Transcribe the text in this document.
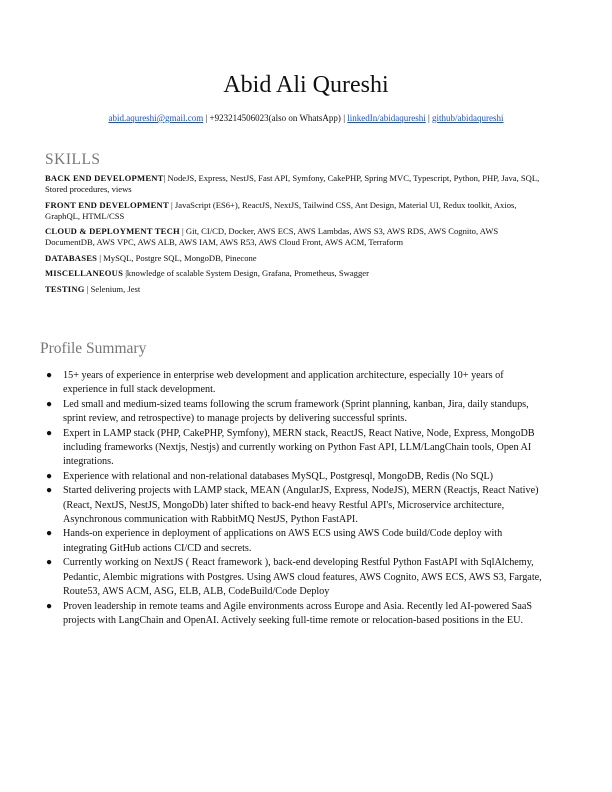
Abid Ali Qureshi
abid.aqureshi@gmail.com | +923214506023(also on WhatsApp) | linkedIn/abidaqureshi | github/abidaqureshi
SKILLS
BACK END DEVELOPMENT| NodeJS, Express, NestJS, Fast API, Symfony, CakePHP, Spring MVC, Typescript, Python, PHP, Java, SQL, Stored procedures, views
FRONT END DEVELOPMENT | JavaScript (ES6+), ReactJS, NextJS, Tailwind CSS, Ant Design, Material UI, Redux toolkit, Axios, GraphQL, HTML/CSS
CLOUD & DEPLOYMENT TECH | Git, CI/CD, Docker, AWS ECS, AWS Lambdas, AWS S3, AWS RDS, AWS Cognito, AWS DocumentDB, AWS VPC, AWS ALB, AWS IAM, AWS R53, AWS Cloud Front, AWS ACM, Terraform
DATABASES | MySQL, Postgre SQL, MongoDB, Pinecone
MISCELLANEOUS |knowledge of scalable System Design, Grafana, Prometheus, Swagger
TESTING | Selenium, Jest
Profile Summary
● 15+ years of experience in enterprise web development and application architecture, especially 10+ years of experience in full stack development.
● Led small and medium-sized teams following the scrum framework (Sprint planning, kanban, Jira, daily standups, sprint review, and retrospective) to manage projects by delivering successful sprints.
● Expert in LAMP stack (PHP, CakePHP, Symfony), MERN stack, ReactJS, React Native, Node, Express, MongoDB including frameworks (Nextjs, Nestjs) and currently working on Python Fast API, LLM/LangChain tools, Open AI integrations.
● Experience with relational and non-relational databases MySQL, Postgresql, MongoDB, Redis (No SQL)
● Started delivering projects with LAMP stack, MEAN (AngularJS, Express, NodeJS), MERN (Reactjs, React Native) (React, NextJS, NestJS, MongoDb) later shifted to back-end heavy Restful API's, Microservice architecture, Asynchronous communication with RabbitMQ NestJS, Python FastAPI.
● Hands-on experience in deployment of applications on AWS ECS using AWS Code build/Code deploy with integrating GitHub actions CI/CD and secrets.
● Currently working on NextJS ( React framework ), back-end developing Restful Python FastAPI with SqlAlchemy, Pedantic, Alembic migrations with Postgres. Using AWS cloud features, AWS Cognito, AWS ECS, AWS S3, Fargate, Route53, AWS ACM, ASG, ELB, ALB, CodeBuild/Code Deploy
● Proven leadership in remote teams and Agile environments across Europe and Asia. Recently led AI-powered SaaS projects with LangChain and OpenAI. Actively seeking full-time remote or relocation-based positions in the EU.
